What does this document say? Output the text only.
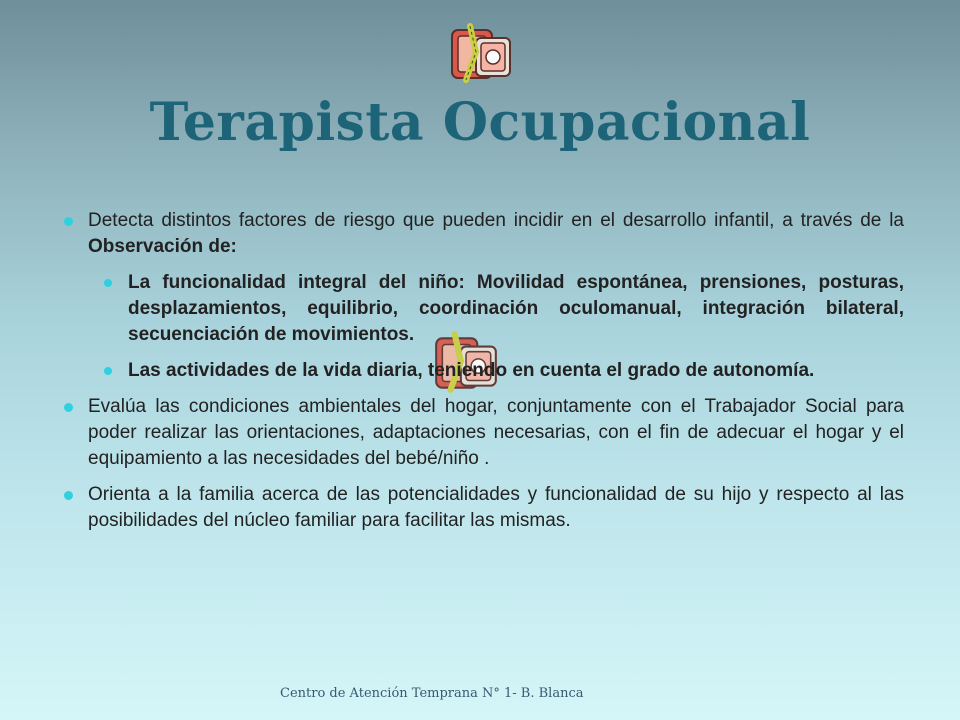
Terapista Ocupacional
Detecta distintos factores de riesgo que pueden incidir en el desarrollo infantil, a través de la Observación de:
La funcionalidad integral del niño: Movilidad espontánea, prensiones, posturas, desplazamientos, equilibrio, coordinación oculomanual, integración bilateral, secuenciación de movimientos.
Las actividades de la vida diaria, teniendo en cuenta el grado de autonomía.
Evalúa las condiciones ambientales del hogar, conjuntamente con el Trabajador Social para poder realizar las orientaciones, adaptaciones necesarias, con el fin de adecuar el hogar y el equipamiento a las necesidades del bebé/niño .
Orienta a la familia acerca de las potencialidades y funcionalidad de su hijo y respecto al las posibilidades del núcleo familiar para facilitar las mismas.
Centro de Atención Temprana N° 1- B. Blanca
